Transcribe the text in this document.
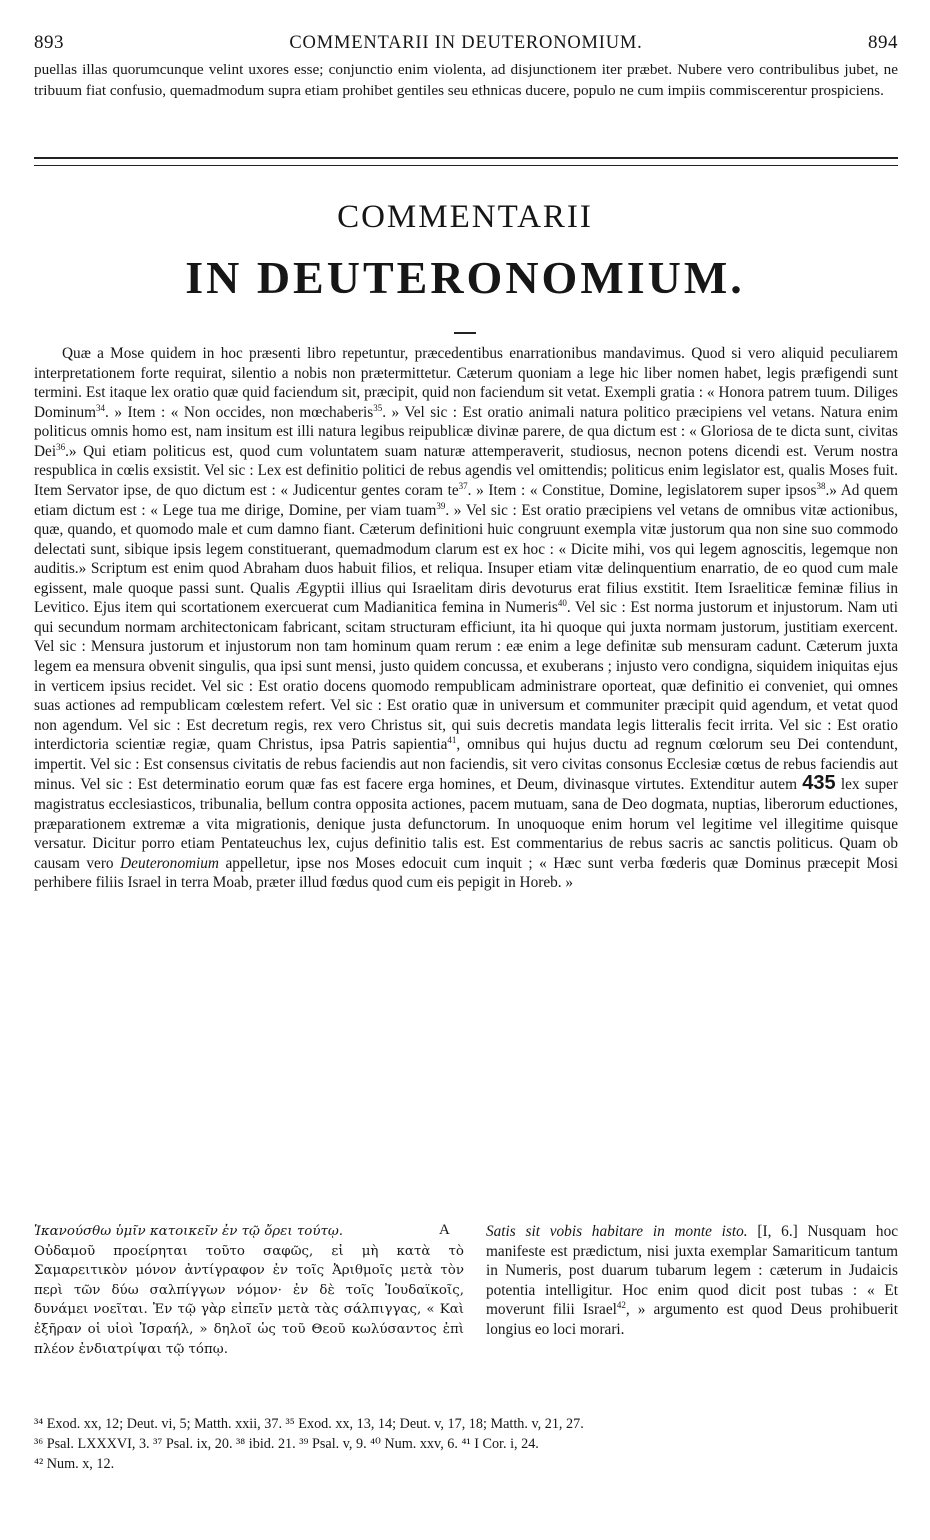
893	COMMENTARII IN DEUTERONOMIUM.	894

puellas illas quorumcunque velint uxores esse; conjunctio enim violenta, ad disjunctionem iter præbet. Nubere vero contribulibus jubet, ne tribuum fiat confusio, quemadmodum supra etiam prohibet gentiles seu ethnicas ducere, populo ne cum impiis commiscerentur prospiciens.

COMMENTARII
IN DEUTERONOMIUM.

Quæ a Mose quidem in hoc præsenti libro repetuntur, præcedentibus enarrationibus mandavimus. Quod si vero aliquid peculiarem interpretationem forte requirat, silentio a nobis non prætermittetur. Cæterum quoniam a lege hic liber nomen habet, legis præfigendi sunt termini. Est itaque lex oratio quæ quid faciendum sit, præcipit, quid non faciendum sit vetat. Exempli gratia : « Honora patrem tuum. Diliges Dominum$^{34}$. » Item : « Non occides, non mœchaberis$^{35}$. » Vel sic : Est oratio animali natura politico præcipiens vel vetans. Natura enim politicus omnis homo est, nam insitum est illi natura legibus reipublicæ divinæ parere, de qua dictum est : « Gloriosa de te dicta sunt, civitas Dei$^{36}$.» Qui etiam politicus est, quod cum voluntatem suam naturæ attemperaverit, studiosus, necnon potens dicendi est. Verum nostra respublica in cœlis exsistit. Vel sic : Lex est definitio politici de rebus agendis vel omittendis; politicus enim legislator est, qualis Moses fuit. Item Servator ipse, de quo dictum est : « Judicentur gentes coram $te^{37}$. » Item : « Constitue, Domine, legislatorem super ipsos$^{38}$.» Ad quem etiam dictum est : « Lege tua me dirige, Domine, per viam tuam$^{39}$. » Vel sic : Est oratio præcipiens vel vetans de omnibus vitæ actionibus, quæ, quando, et quomodo male et cum damno fiant. Cæterum definitioni huic congruunt exempla vitæ justorum qua non sine suo commodo delectati sunt, sibique ipsis legem constituerant, quemadmodum clarum est ex hoc : « Dicite mihi, vos qui legem agnoscitis, legemque non auditis.» Scriptum est enim quod Abraham duos habuit filios, et reliqua. Insuper etiam vitæ delinquentium enarratio, de eo quod cum male egissent, male quoque passi sunt. Qualis Ægyptii illius qui Israelitam diris devoturus erat filius exstitit. Item Israeliticæ feminæ filius in Levitico. Ejus item qui scortationem exercuerat cum Madianitica femina in Numeris$^{40}$. Vel sic : Est norma justorum et injustorum. Nam uti qui secundum normam architectonicam fabricant, scitam structuram efficiunt, ita hi quoque qui juxta normam justorum, justitiam exercent. Vel sic : Mensura justorum et injustorum non tam hominum quam rerum : eæ enim a lege definitæ sub mensuram cadunt. Cæterum juxta legem ea mensura obvenit singulis, qua ipsi sunt mensi, justo quidem concussa, et exuberans ; injusto vero condigna, siquidem iniquitas ejus in verticem ipsius recidet. Vel sic : Est oratio docens quomodo rempublicam administrare oporteat, quæ definitio ei conveniet, qui omnes suas actiones ad rempublicam cœlestem refert. Vel sic : Est oratio quæ in universum et communiter præcipit quid agendum, et vetat quod non agendum. Vel sic : Est decretum regis, rex vero Christus sit, qui suis decretis mandata legis litteralis fecit irrita. Vel sic : Est oratio interdictoria scientiæ regiæ, quam Christus, ipsa Patris sapientia$^{41}$, omnibus qui hujus ductu ad regnum cœlorum seu Dei contendunt, impertit. Vel sic : Est consensus civitatis de rebus faciendis aut non faciendis, sit vero civitas consonus Ecclesiæ cœtus de rebus faciendis aut minus. Vel sic : Est determinatio eorum quæ fas est facere erga homines, et Deum, divinasque virtutes. Extenditur autem 435 lex super magistratus ecclesiasticos, tribunalia, bellum contra opposita actiones, pacem mutuam, sana de Deo dogmata, nuptias, liberorum eductiones, præparationem extremæ a vita migrationis, denique justa defunctorum. In unoquoque enim horum vel legitime vel illegitime quisque versatur. Dicitur porro etiam Pentateuchus lex, cujus definitio talis est. Est commentarius de rebus sacris ac sanctis politicus. Quam ob causam vero Deuteronomium appelletur, ipse nos Moses edocuit cum inquit ; « Hæc sunt verba fœderis quæ Dominus præcepit Mosi perhibere filiis Israel in terra Moab, præter illud fœdus quod cum eis pepigit in Horeb. »

Ἱκανούσθω ὑμῖν κατοικεῖν ἐν τῷ ὄρει τούτῳ.
Οὐδαμοῦ προείρηται τοῦτο σαφῶς, εἰ μὴ κατὰ τὸ Σαμαρειτικὸν μόνον ἀντίγραφον ἐν τοῖς Ἀριθμοῖς μετὰ τὸν περὶ τῶν δύω σαλπίγγων νόμον· ἐν δὲ τοῖς Ἰουδαϊκοῖς, δυνάμει νοεῖται. Ἐν τῷ γὰρ εἰπεῖν μετὰ τὰς σάλπιγγας, « Καὶ ἐξῆραν οἱ υἱοὶ Ἰσραήλ, » δηλοῖ ὡς τοῦ Θεοῦ κωλύσαντος ἐπὶ πλέον ἐνδιατρίψαι τῷ τόπῳ.

A Satis sit vobis habitare in monte isto. [I, 6.] Nusquam hoc manifeste est prædictum, nisi juxta exemplar Samariticum tantum in Numeris, post duarum tubarum legem : cæterum in Judaicis potentia intelligitur. Hoc enim quod dicit post tubas : « Et moverunt filii Israel$^{42}$, » argumento est quod Deus prohibuerit longius eo loci morari.

³⁴ Exod. xx, 12; Deut. vi, 5; Matth. xxii, 37. ³⁵ Exod. xx, 13, 14; Deut. v, 17, 18; Matth. v, 21, 27.
³⁶ Psal. LXXXVI, 3. ³⁷ Psal. ix, 20. ³⁸ ibid. 21. ³⁹ Psal. v, 9. ⁴⁰ Num. xxv, 6. ⁴¹ I Cor. i, 24.
⁴² Num. x, 12.
